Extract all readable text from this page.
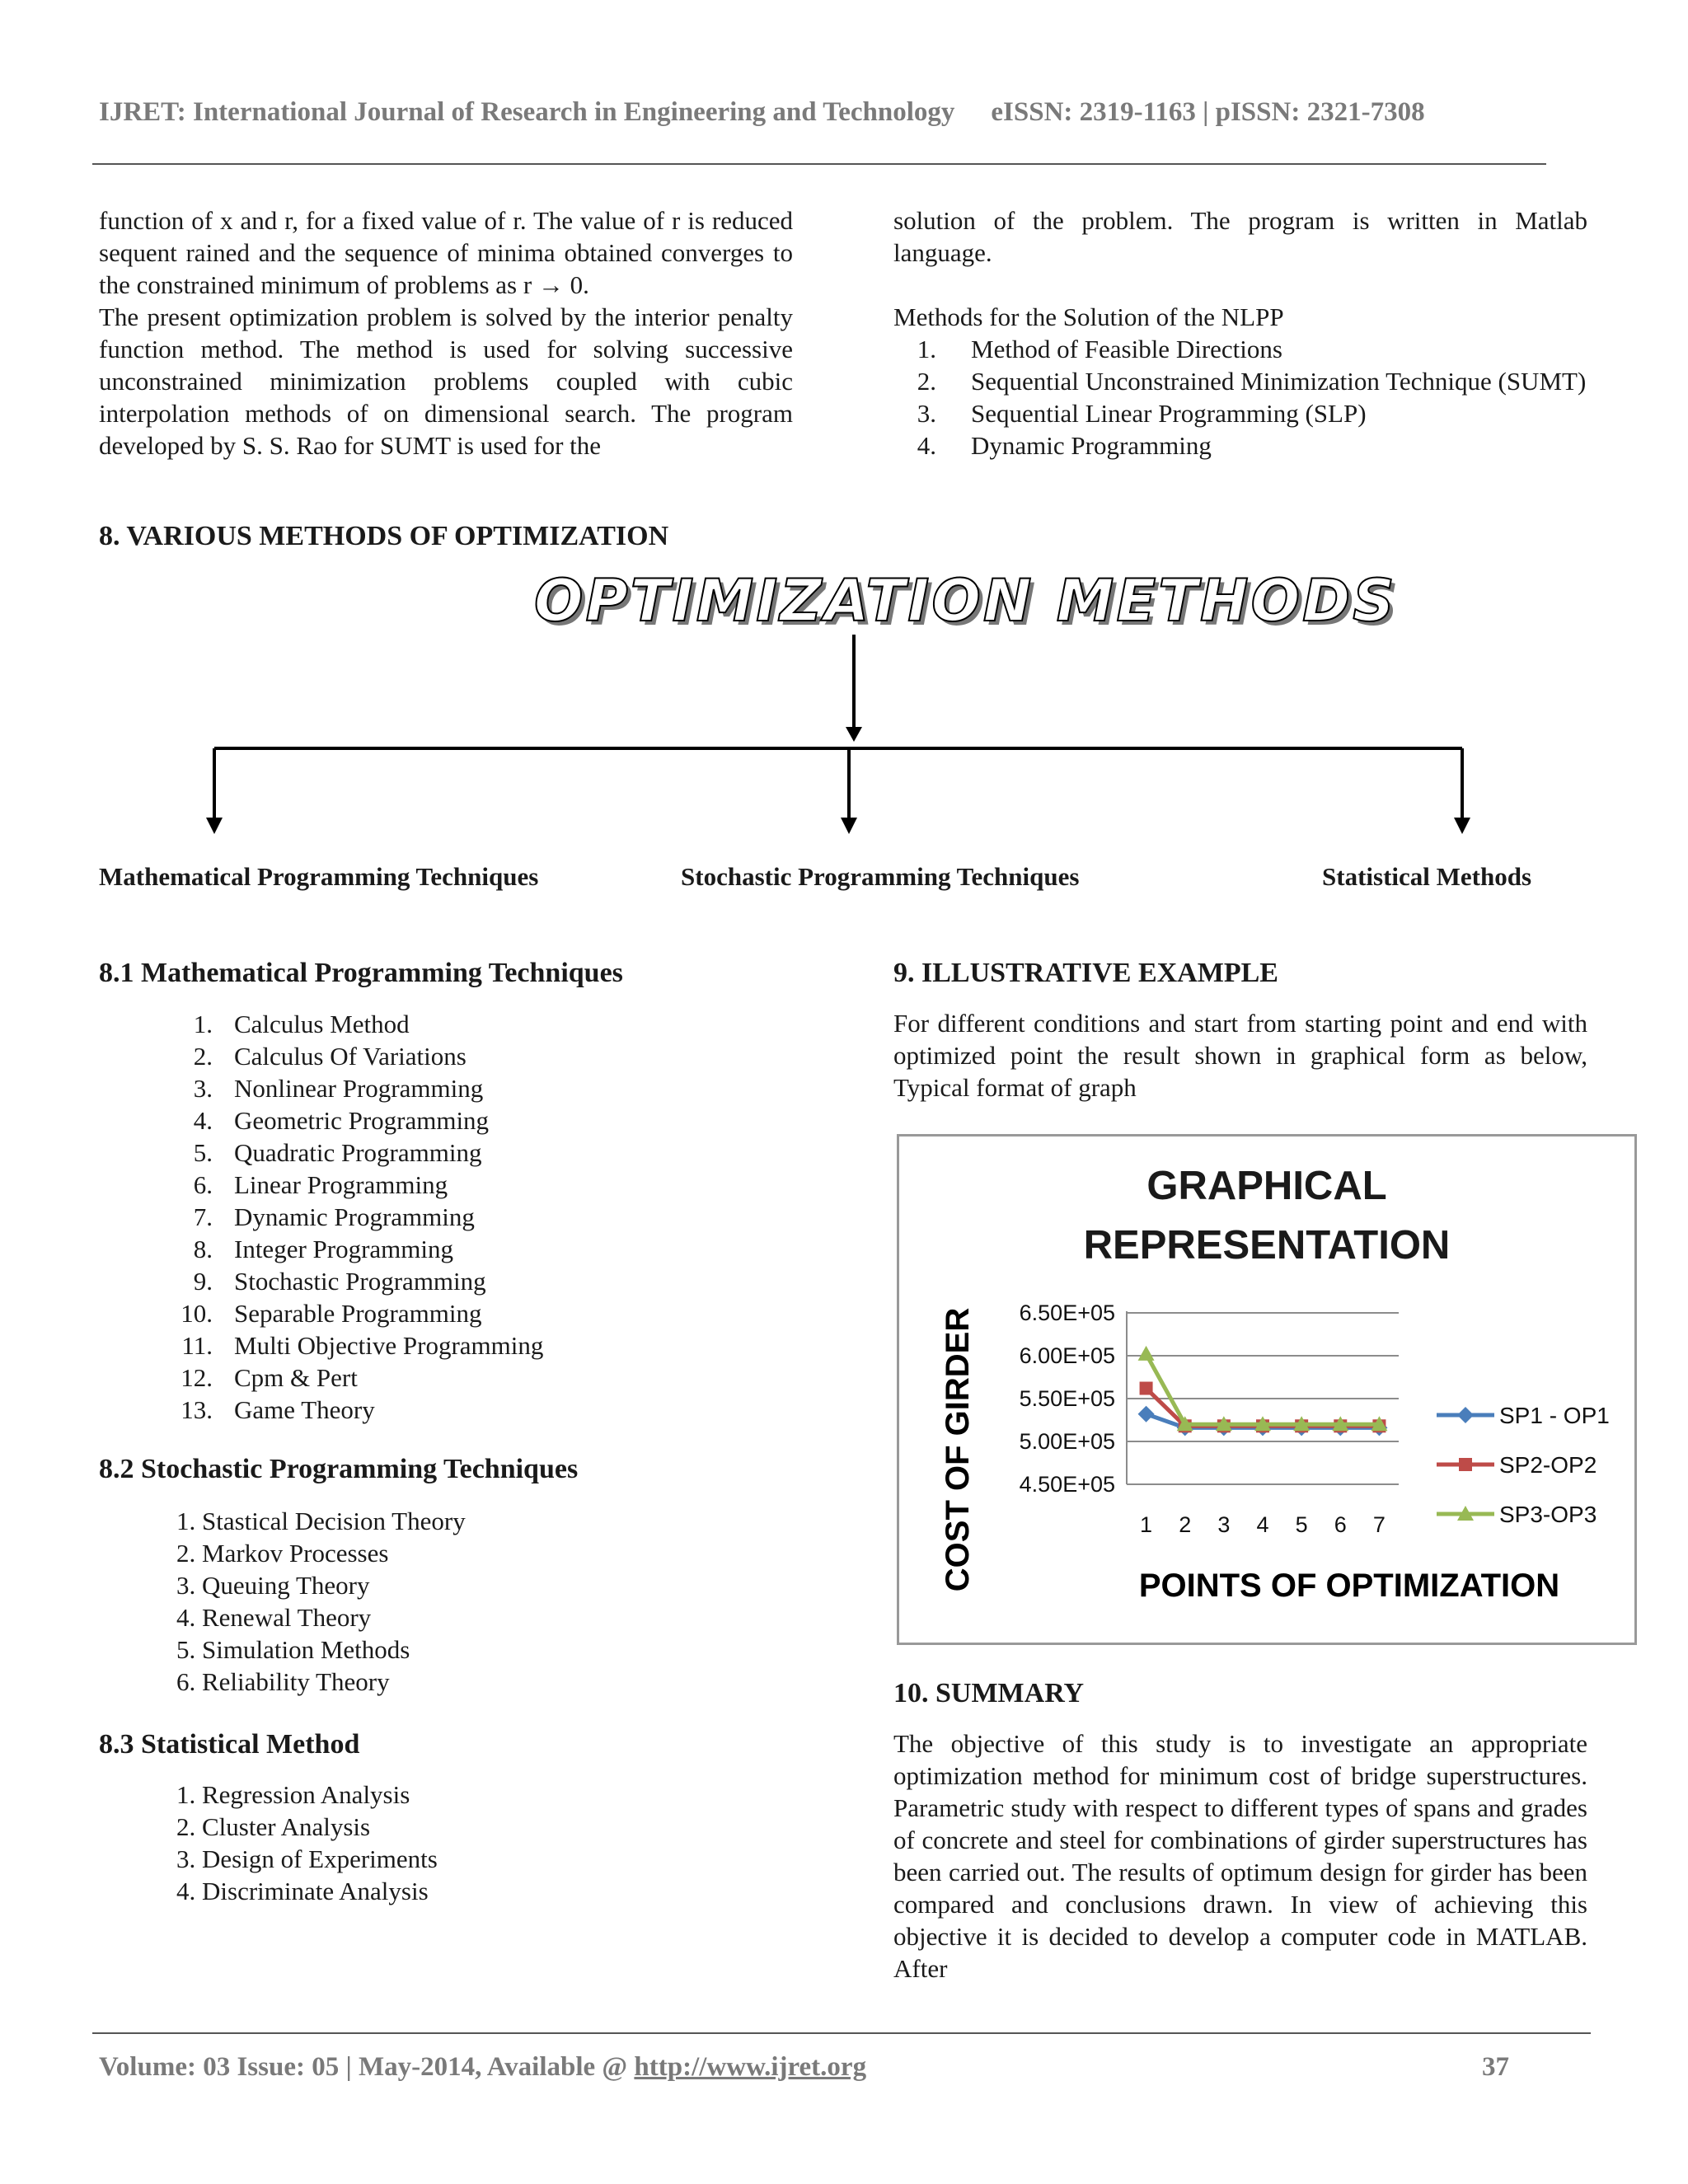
IJRET: International Journal of Research in Engineering and Technology eISSN: 2319-1163 | pISSN: 2321-7308
function of x and r, for a fixed value of r. The value of r is reduced sequent rained and the sequence of minima obtained converges to the constrained minimum of problems as r → 0.
The present optimization problem is solved by the interior penalty function method. The method is used for solving successive unconstrained minimization problems coupled with cubic interpolation methods of on dimensional search. The program developed by S. S. Rao for SUMT is used for the
solution of the problem. The program is written in Matlab language.
Methods for the Solution of the NLPP
1.	Method of Feasible Directions
2.	Sequential Unconstrained Minimization Technique (SUMT)
3.	Sequential Linear Programming (SLP)
4.	Dynamic Programming
8. VARIOUS METHODS OF OPTIMIZATION
OPTIMIZATION METHODS
Mathematical Programming Techniques	Stochastic Programming Techniques	Statistical Methods
8.1 Mathematical Programming Techniques
1. Calculus Method
2. Calculus Of Variations
3. Nonlinear Programming
4. Geometric Programming
5. Quadratic Programming
6. Linear Programming
7. Dynamic Programming
8. Integer Programming
9. Stochastic Programming
10. Separable Programming
11. Multi Objective Programming
12. Cpm & Pert
13. Game Theory
8.2 Stochastic Programming Techniques
1. Stastical Decision Theory
2. Markov Processes
3. Queuing Theory
4. Renewal Theory
5. Simulation Methods
6. Reliability Theory
8.3 Statistical Method
1. Regression Analysis
2. Cluster Analysis
3. Design of Experiments
4. Discriminate Analysis
9. ILLUSTRATIVE EXAMPLE
For different conditions and start from starting point and end with optimized point the result shown in graphical form as below, Typical format of graph
GRAPHICAL
REPRESENTATION
6.50E+05
6.00E+05
5.50E+05
5.00E+05
4.50E+05
1 2 3 4 5 6 7
SP1 - OP1
SP2-OP2
SP3-OP3
POINTS OF OPTIMIZATION
COST OF GIRDER
10. SUMMARY
The objective of this study is to investigate an appropriate optimization method for minimum cost of bridge superstructures. Parametric study with respect to different types of spans and grades of concrete and steel for combinations of girder superstructures has been carried out. The results of optimum design for girder has been compared and conclusions drawn. In view of achieving this objective it is decided to develop a computer code in MATLAB. After
Volume: 03 Issue: 05 | May-2014, Available @ http://www.ijret.org	37
